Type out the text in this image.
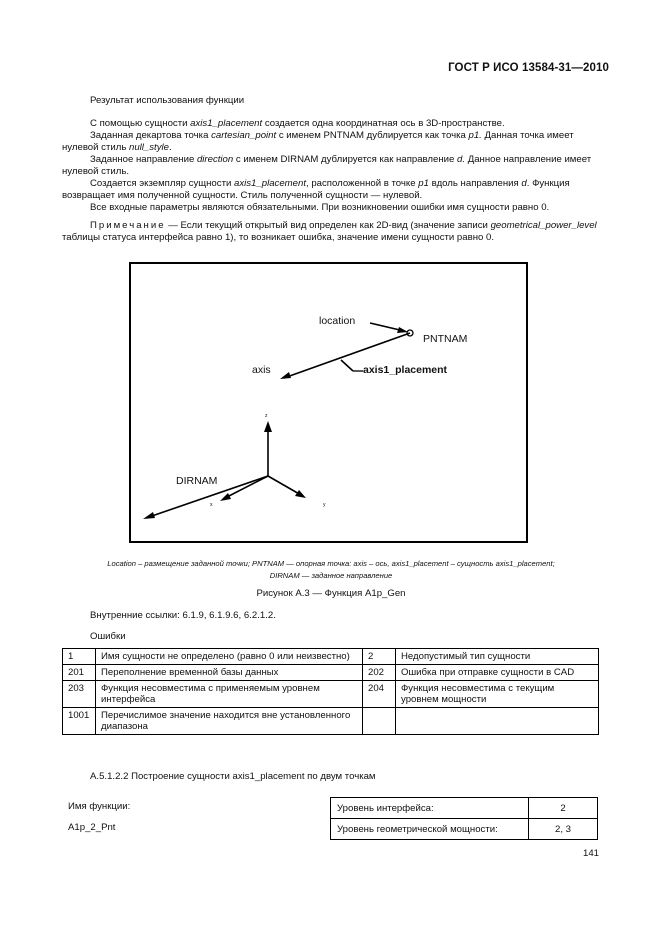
ГОСТ Р ИСО 13584-31—2010

Результат использования функции

С помощью сущности axis1_placement создается одна координатная ось в 3D-пространстве.

Заданная декартова точка cartesian_point с именем PNTNAM дублируется как точка p1. Данная точка имеет нулевой стиль null_style.

Заданное направление direction с именем DIRNAM дублируется как направление d. Данное направление имеет нулевой стиль.

Создается экземпляр сущности axis1_placement, расположенной в точке p1 вдоль направления d. Функция возвращает имя полученной сущности. Стиль полученной сущности — нулевой.

Все входные параметры являются обязательными. При возникновении ошибки имя сущности равно 0.

Примечание — Если текущий открытый вид определен как 2D-вид (значение записи geometrical_power_level таблицы статуса интерфейса равно 1), то возникает ошибка, значение имени сущности равно 0.

location
PNTNAM
axis	axis1_placement
DIRNAM
z
x	y
Location – размещение заданной точки; PNTNAM — опорная точка: axis – ось, axis1_placement – сущность axis1_placement;
DIRNAM — заданное направление
Рисунок А.3 — Функция A1p_Gen
Внутренние ссылки: 6.1.9, 6.1.9.6, 6.2.1.2.
Ошибки
1	Имя сущности не определено (равно 0 или неизвестно)	2	Недопустимый тип сущности
201	Переполнение временной базы данных	202	Ошибка при отправке сущности в CAD
203	Функция несовместима с применяемым уровнем интерфейса	204	Функция несовместима с текущим уровнем мощности
1001	Перечислимое значение находится вне установленного диапазона		
A.5.1.2.2 Построение сущности axis1_placement по двум точкам
Имя функции:
A1p_2_Pnt
Уровень интерфейса:	2
Уровень геометрической мощности:	2, 3
141
